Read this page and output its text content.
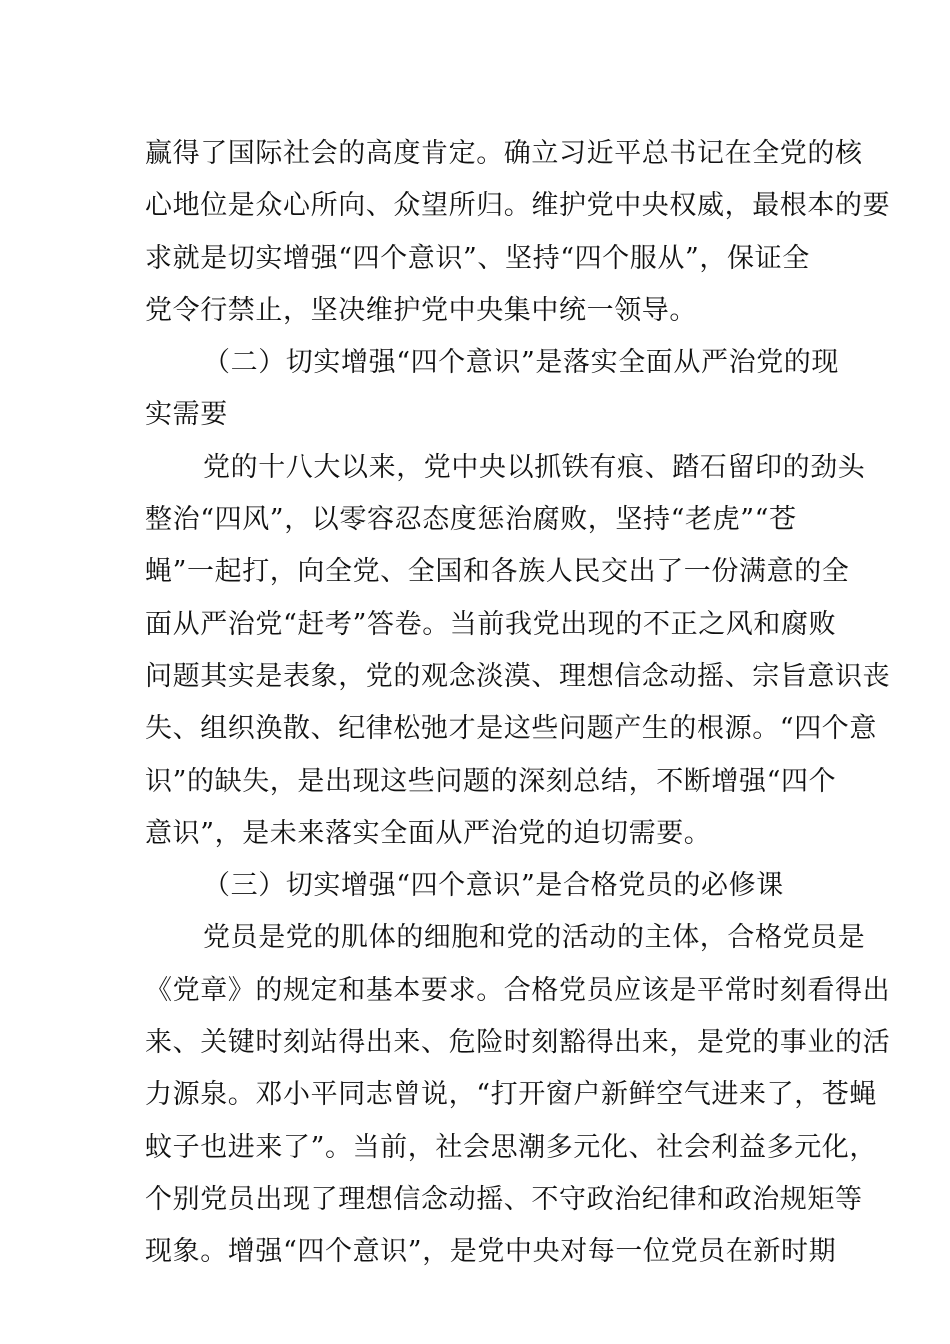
赢得了国际社会的高度肯定。确立习近平总书记在全党的核
心地位是众心所向、众望所归。维护党中央权威，最根本的要
求就是切实增强“四个意识”、坚持“四个服从”，保证全
党令行禁止，坚决维护党中央集中统一领导。
（二）切实增强“四个意识”是落实全面从严治党的现
实需要
党的十八大以来，党中央以抓铁有痕、踏石留印的劲头
整治“四风”，以零容忍态度惩治腐败，坚持“老虎”“苍
蝇”一起打，向全党、全国和各族人民交出了一份满意的全
面从严治党“赶考”答卷。当前我党出现的不正之风和腐败
问题其实是表象，党的观念淡漠、理想信念动摇、宗旨意识丧
失、组织涣散、纪律松弛才是这些问题产生的根源。“四个意
识”的缺失，是出现这些问题的深刻总结，不断增强“四个
意识”，是未来落实全面从严治党的迫切需要。
（三）切实增强“四个意识”是合格党员的必修课
党员是党的肌体的细胞和党的活动的主体，合格党员是
《党章》的规定和基本要求。合格党员应该是平常时刻看得出
来、关键时刻站得出来、危险时刻豁得出来，是党的事业的活
力源泉。邓小平同志曾说，“打开窗户新鲜空气进来了，苍蝇
蚊子也进来了”。当前，社会思潮多元化、社会利益多元化，
个别党员出现了理想信念动摇、不守政治纪律和政治规矩等
现象。增强“四个意识”，是党中央对每一位党员在新时期
